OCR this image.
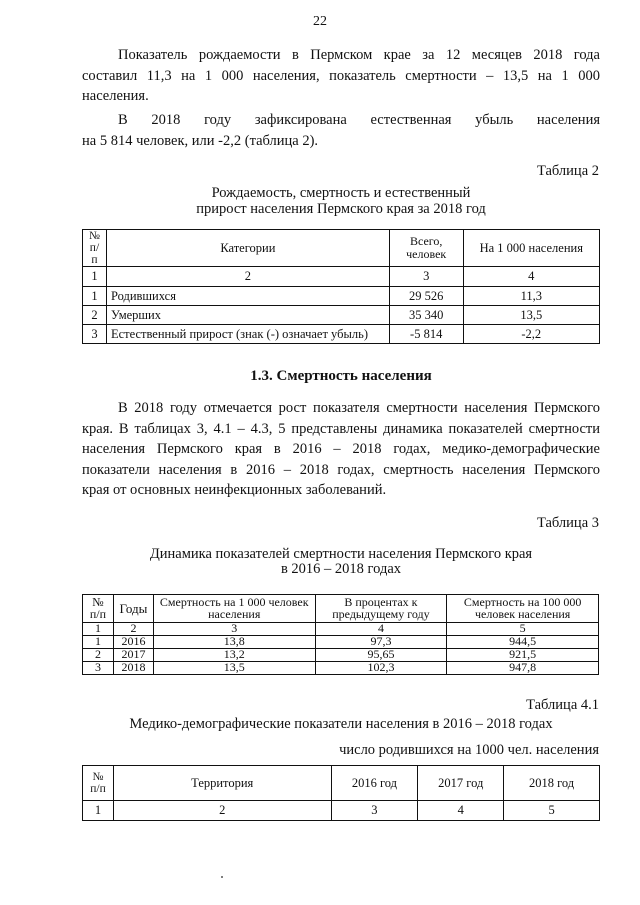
22
Показатель рождаемости в Пермском крае за 12 месяцев 2018 года
составил 11,3 на 1 000 населения, показатель смертности – 13,5 на 1 000
населения.
В 2018 году зафиксирована естественная убыль населения
на 5 814 человек, или -2,2 (таблица 2).
Таблица 2
Рождаемость, смертность и естественный
прирост населения Пермского края за 2018 год
№ п/п	Категории	Всего, человек	На 1 000 населения
1	2	3	4
1	Родившихся	29 526	11,3
2	Умерших	35 340	13,5
3	Естественный прирост (знак (-) означает убыль)	-5 814	-2,2
1.3. Смертность населения
В 2018 году отмечается рост показателя смертности населения Пермского
края. В таблицах 3, 4.1 – 4.3, 5 представлены динамика показателей смертности
населения Пермского края в 2016 – 2018 годах, медико-демографические
показатели населения в 2016 – 2018 годах, смертность населения Пермского
края от основных неинфекционных заболеваний.
Таблица 3
Динамика показателей смертности населения Пермского края
в 2016 – 2018 годах
№ п/п	Годы	Смертность на 1 000 человек населения	В процентах к предыдущему году	Смертность на 100 000 человек населения
1	2	3	4	5
1	2016	13,8	97,3	944,5
2	2017	13,2	95,65	921,5
3	2018	13,5	102,3	947,8
Таблица 4.1
Медико-демографические показатели населения в 2016 – 2018 годах
число родившихся на 1000 чел. населения
№ п/п	Территория	2016 год	2017 год	2018 год
1	2	3	4	5
